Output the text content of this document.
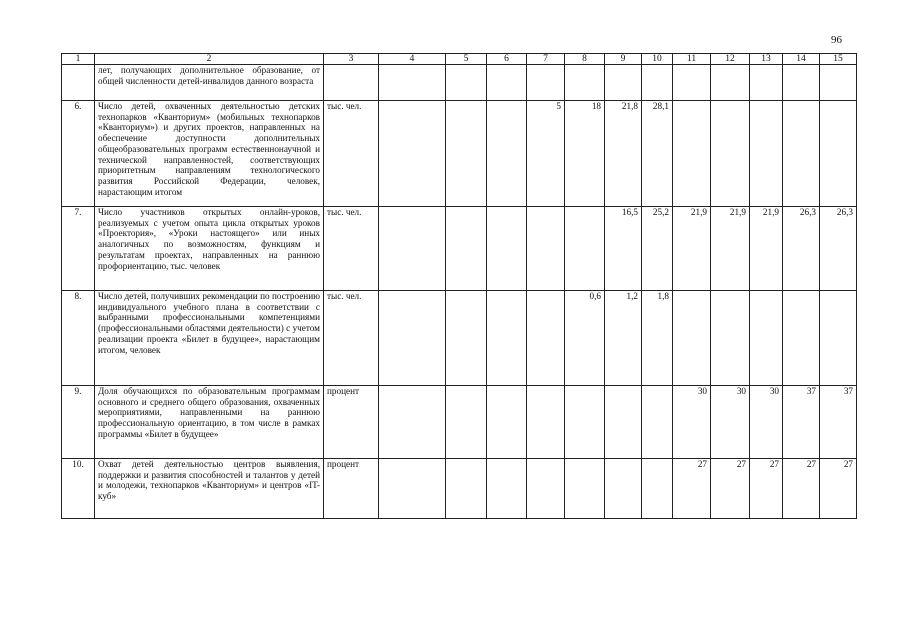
96
1	2	3	4	5	6	7	8	9	10	11	12	13	14	15
	лет, получающих дополнительное образование, от общей численности детей-инвалидов данного возраста													
6.	Число детей, охваченных деятельностью детских технопарков «Кванториум» (мобильных технопарков «Кванториум») и других проектов, направленных на обеспечение доступности дополнительных общеобразовательных программ естественнонаучной и технической направленностей, соответствующих приоритетным направлениям технологического развития Российской Федерации, человек, нарастающим итогом	тыс. чел.				5	18	21,8	28,1					
7.	Число участников открытых онлайн-уроков, реализуемых с учетом опыта цикла открытых уроков «Проектория», «Уроки настоящего» или иных аналогичных по возможностям, функциям и результатам проектах, направленных на раннюю профориентацию, тыс. человек	тыс. чел.						16,5	25,2	21,9	21,9	21,9	26,3	26,3
8.	Число детей, получивших рекомендации по построению индивидуального учебного плана в соответствии с выбранными профессиональными компетенциями (профессиональными областями деятельности) с учетом реализации проекта «Билет в будущее», нарастающим итогом, человек	тыс. чел.					0,6	1,2	1,8					
9.	Доля обучающихся по образовательным программам основного и среднего общего образования, охваченных мероприятиями, направленными на раннюю профессиональную ориентацию, в том числе в рамках программы «Билет в будущее»	процент								30	30	30	37	37
10.	Охват детей деятельностью центров выявления, поддержки и развития способностей и талантов у детей и молодежи, технопарков «Кванториум» и центров «IT-куб»	процент								27	27	27	27	27
